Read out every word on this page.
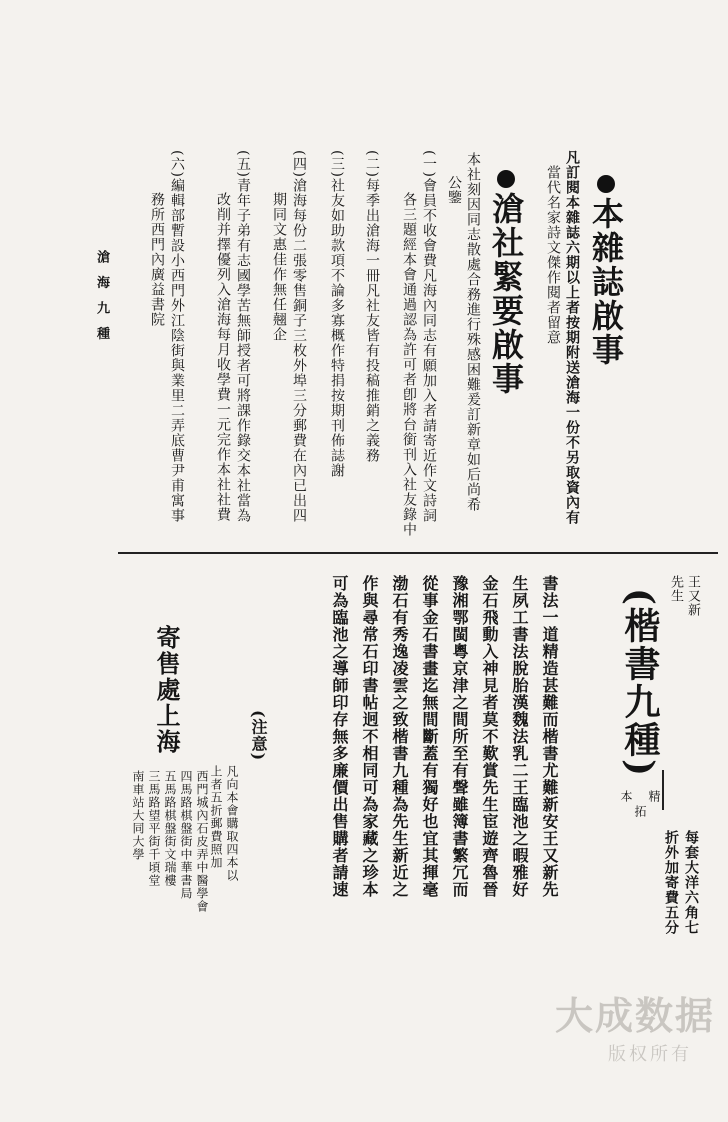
本雜誌啟事
凡訂閱本雜誌六期以上者按期附送滄海一份不另取資內有
當代名家詩文傑作閱者留意
滄社緊要啟事
本社刻因同志散處合務進行殊感困難爰訂新章如后尚希
公鑒
(一)會員不收會費凡海內同志有願加入者請寄近作文詩詞
各三題經本會通過認為許可者卽將台銜刊入社友錄中
(二)每季出滄海一冊凡社友皆有投稿推銷之義務
(三)社友如助款項不論多寡概作特捐按期刊佈誌謝
(四)滄海每份二張零售銅子三枚外埠三分郵費在內已出四
期同文惠佳作無任翹企
(五)青年子弟有志國學苦無師授者可將課作錄交本社當為
改削并擇優列入滄海每月收學費一元完作本社社費
(六)編輯部暫設小西門外江陰街與業里二弄底曹尹甫寓事
務所西門內廣益書院
滄 海 九 種
王又新
先生
(楷書九種)
精
拓
本
每套大洋六角七
折外加寄費五分
書法一道精造甚難而楷書尤難新安王又新先
生夙工書法脫胎漢魏法乳二王臨池之暇雅好
金石飛動入神見者莫不歎賞先生宦遊齊魯晉
豫湘鄂閩粵京津之間所至有聲雖簿書繁冗而
從事金石書畫迄無間斷蓋有獨好也宜其揮毫
渤石有秀逸凌雲之致楷書九種為先生新近之
作與尋常石印書帖迥不相同可為家藏之珍本
可為臨池之導師印存無多廉價出售購者請速
(注意)
凡向本會購取四本以
上者五折郵費照加
寄售處上海
西門城內石皮弄中醫學會
四馬路棋盤街中華書局
五馬路棋盤街文瑞樓
三馬路望平街千頃堂
南車站大同大學
大成数据
版权所有
